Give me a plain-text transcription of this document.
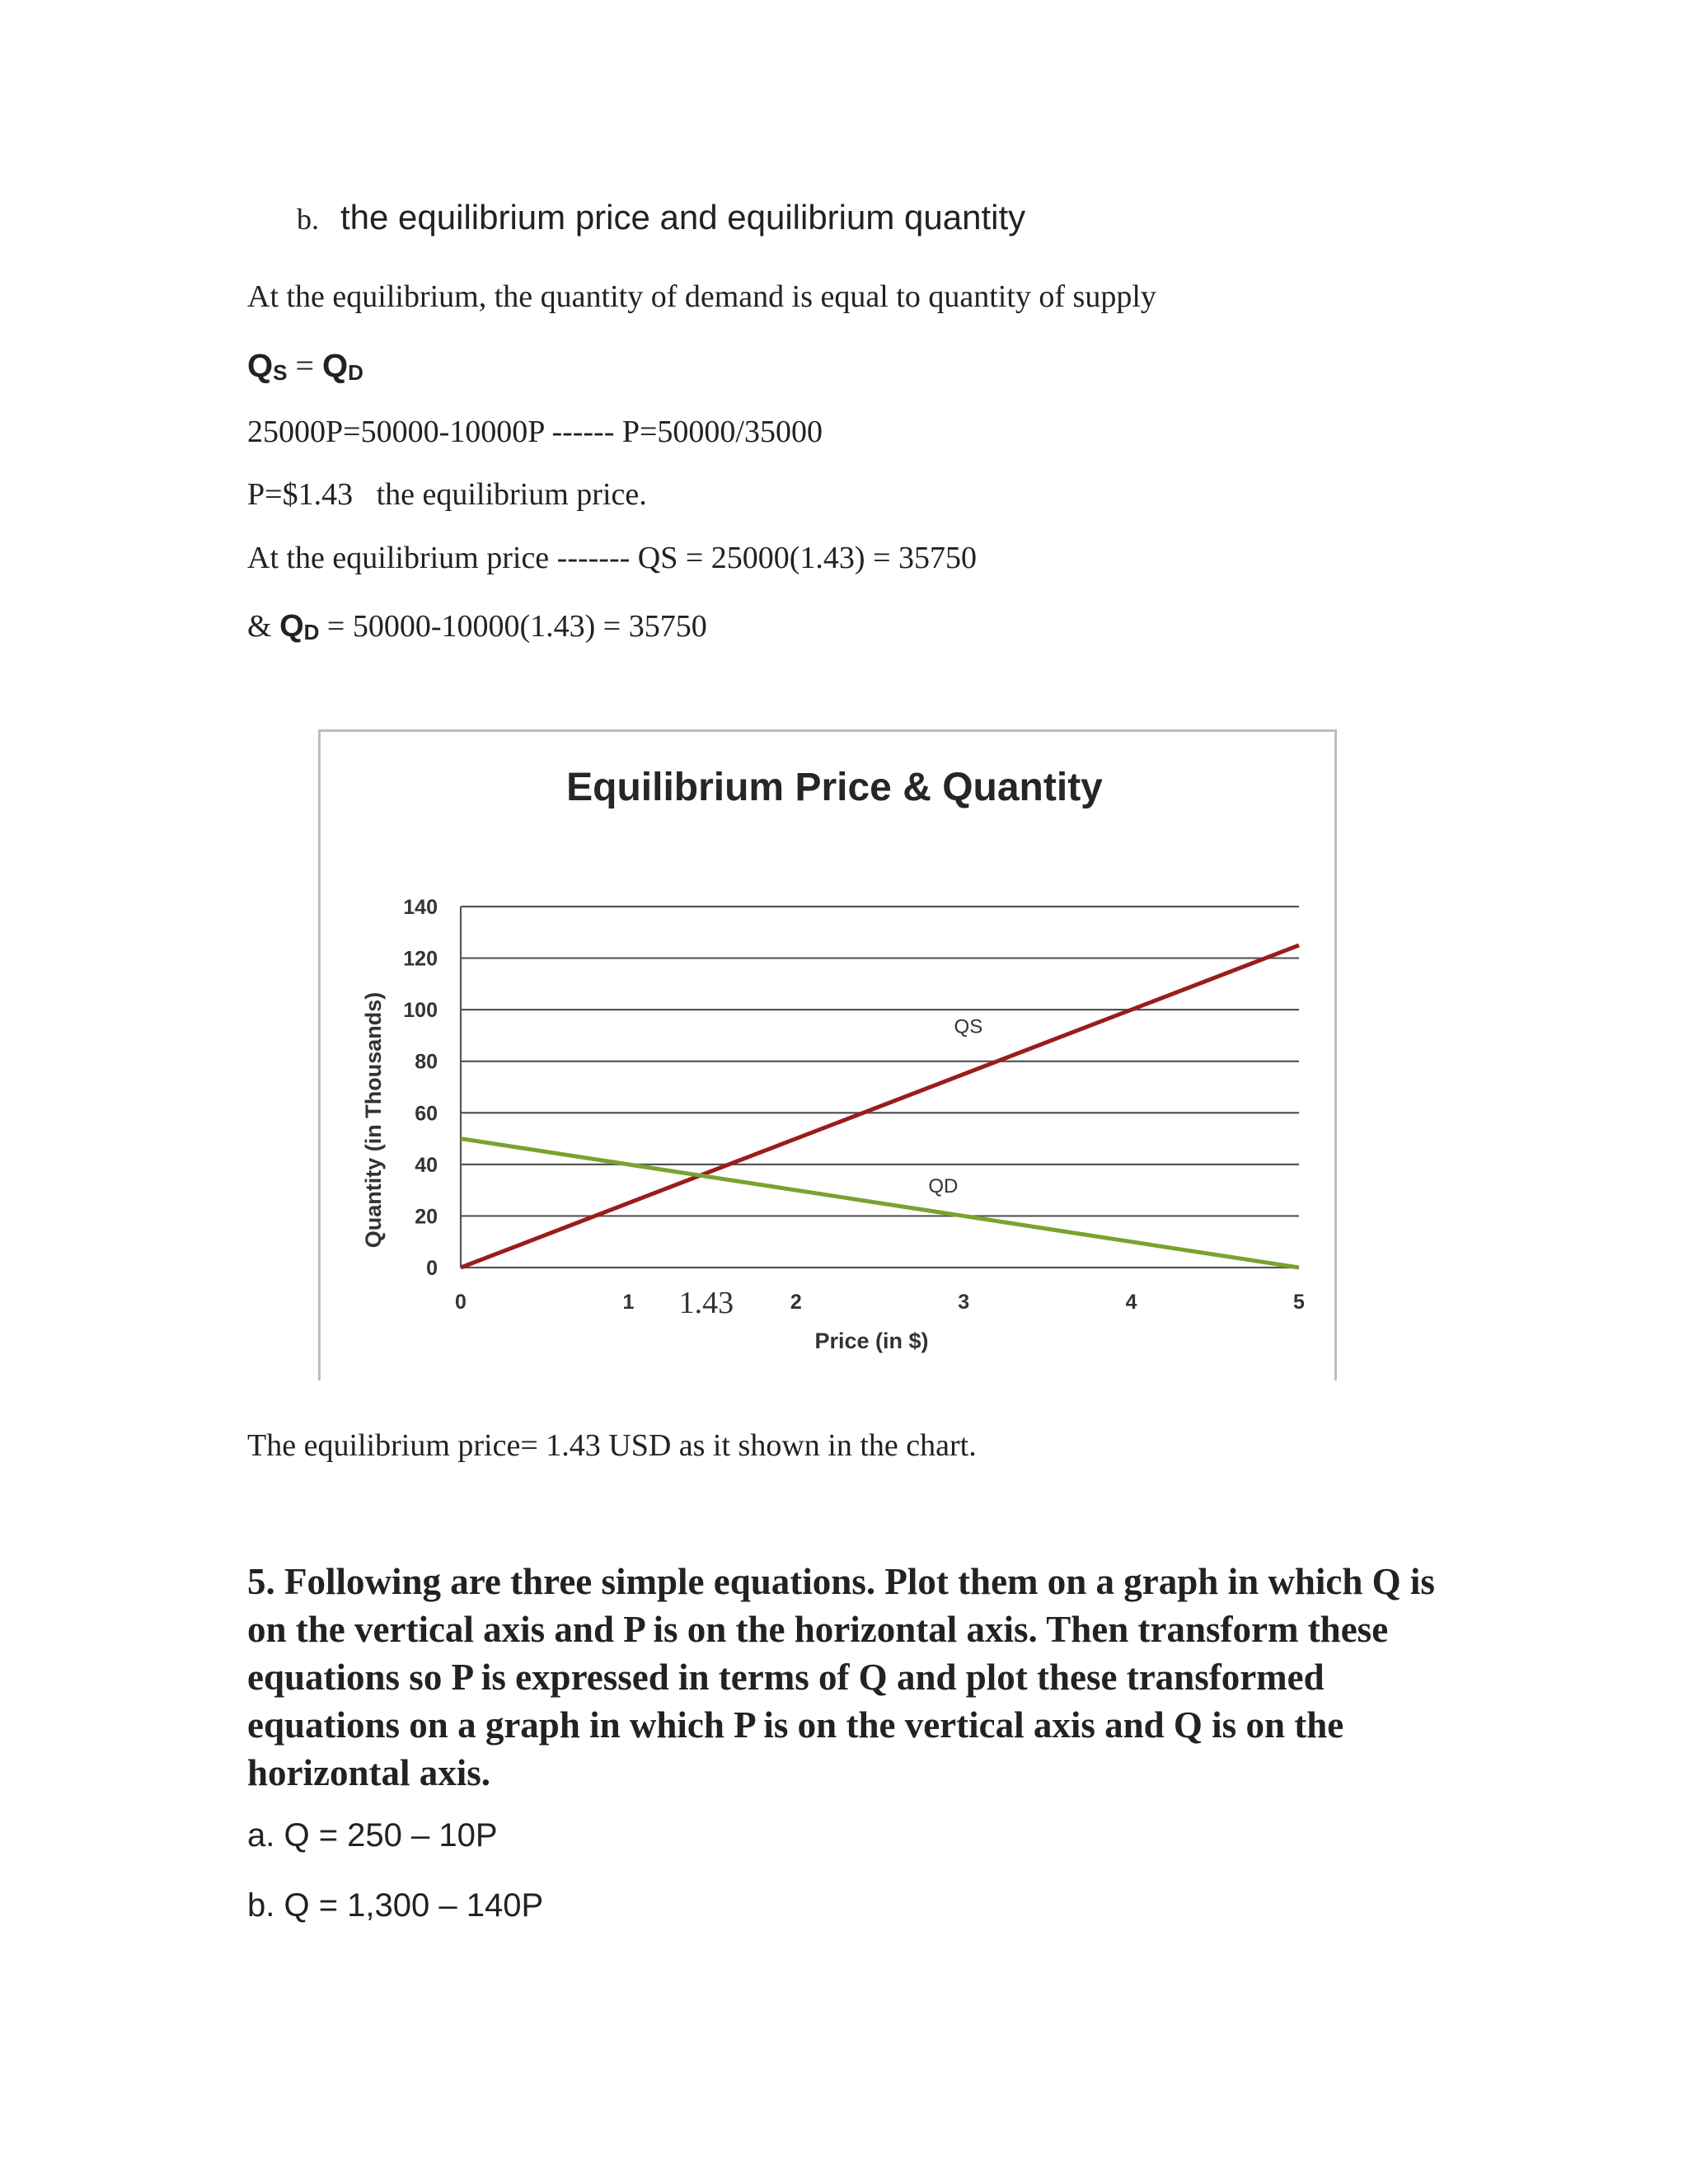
b. the equilibrium price and equilibrium quantity
At the equilibrium, the quantity of demand is equal to quantity of supply
$Q_S = Q_D$
25000P=50000-10000P ------ P=50000/35000
P=$1.43   the equilibrium price.
At the equilibrium price ------- QS = 25000(1.43) = 35750
& $Q_D = 50000-10000(1.43) = 35750$
Equilibrium Price & Quantity
0
20
40
60
80
100
120
140
0	1	2	3	4	5
1.43
Price (in $)
Quantity (in Thousands)	QS
QD
The equilibrium price= 1.43 USD as it shown in the chart.
5. Following are three simple equations. Plot them on a graph in which Q is on the vertical axis and P is on the horizontal axis. Then transform these equations so P is expressed in terms of Q and plot these transformed equations on a graph in which P is on the vertical axis and Q is on the horizontal axis.
a. Q = 250 – 10P
b. Q = 1,300 – 140P
